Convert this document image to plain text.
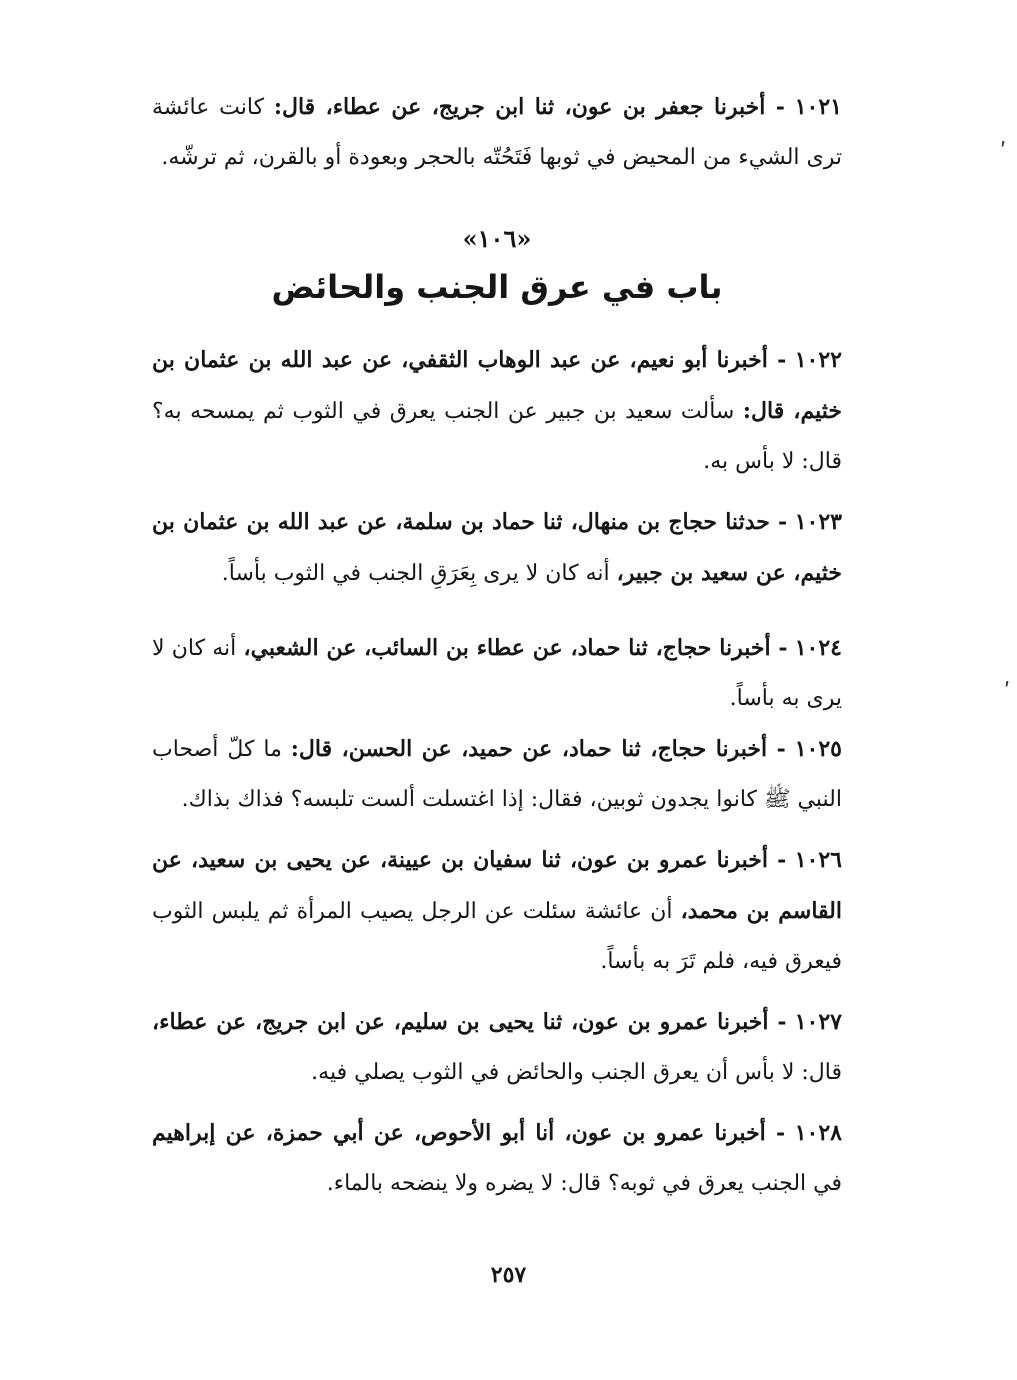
١٠٢١ - أخبرنا جعفر بن عون، ثنا ابن جريج، عن عطاء، قال: كانت عائشة ترى الشيء من المحيض في ثوبها فَتَحُتّه بالحجر وبعودة أو بالقرن، ثم ترشّه.

«١٠٦»
باب في عرق الجنب والحائض

١٠٢٢ - أخبرنا أبو نعيم، عن عبد الوهاب الثقفي، عن عبد الله بن عثمان بن خثيم، قال: سألت سعيد بن جبير عن الجنب يعرق في الثوب ثم يمسحه به؟ قال: لا بأس به.

١٠٢٣ - حدثنا حجاج بن منهال، ثنا حماد بن سلمة، عن عبد الله بن عثمان بن خثيم، عن سعيد بن جبير، أنه كان لا يرى بِعَرَقِ الجنب في الثوب بأساً.

١٠٢٤ - أخبرنا حجاج، ثنا حماد، عن عطاء بن السائب، عن الشعبي، أنه كان لا يرى به بأساً.

١٠٢٥ - أخبرنا حجاج، ثنا حماد، عن حميد، عن الحسن، قال: ما كلّ أصحاب النبي ﷺ كانوا يجدون ثوبين، فقال: إذا اغتسلت ألست تلبسه؟ فذاك بذاك.

١٠٢٦ - أخبرنا عمرو بن عون، ثنا سفيان بن عيينة، عن يحيى بن سعيد، عن القاسم بن محمد، أن عائشة سئلت عن الرجل يصيب المرأة ثم يلبس الثوب فيعرق فيه، فلم تَرَ به بأساً.

١٠٢٧ - أخبرنا عمرو بن عون، ثنا يحيى بن سليم، عن ابن جريج، عن عطاء، قال: لا بأس أن يعرق الجنب والحائض في الثوب يصلي فيه.

١٠٢٨ - أخبرنا عمرو بن عون، أنا أبو الأحوص، عن أبي حمزة، عن إبراهيم في الجنب يعرق في ثوبه؟ قال: لا يضره ولا ينضحه بالماء.

٢٥٧
ʹ
ʹ
